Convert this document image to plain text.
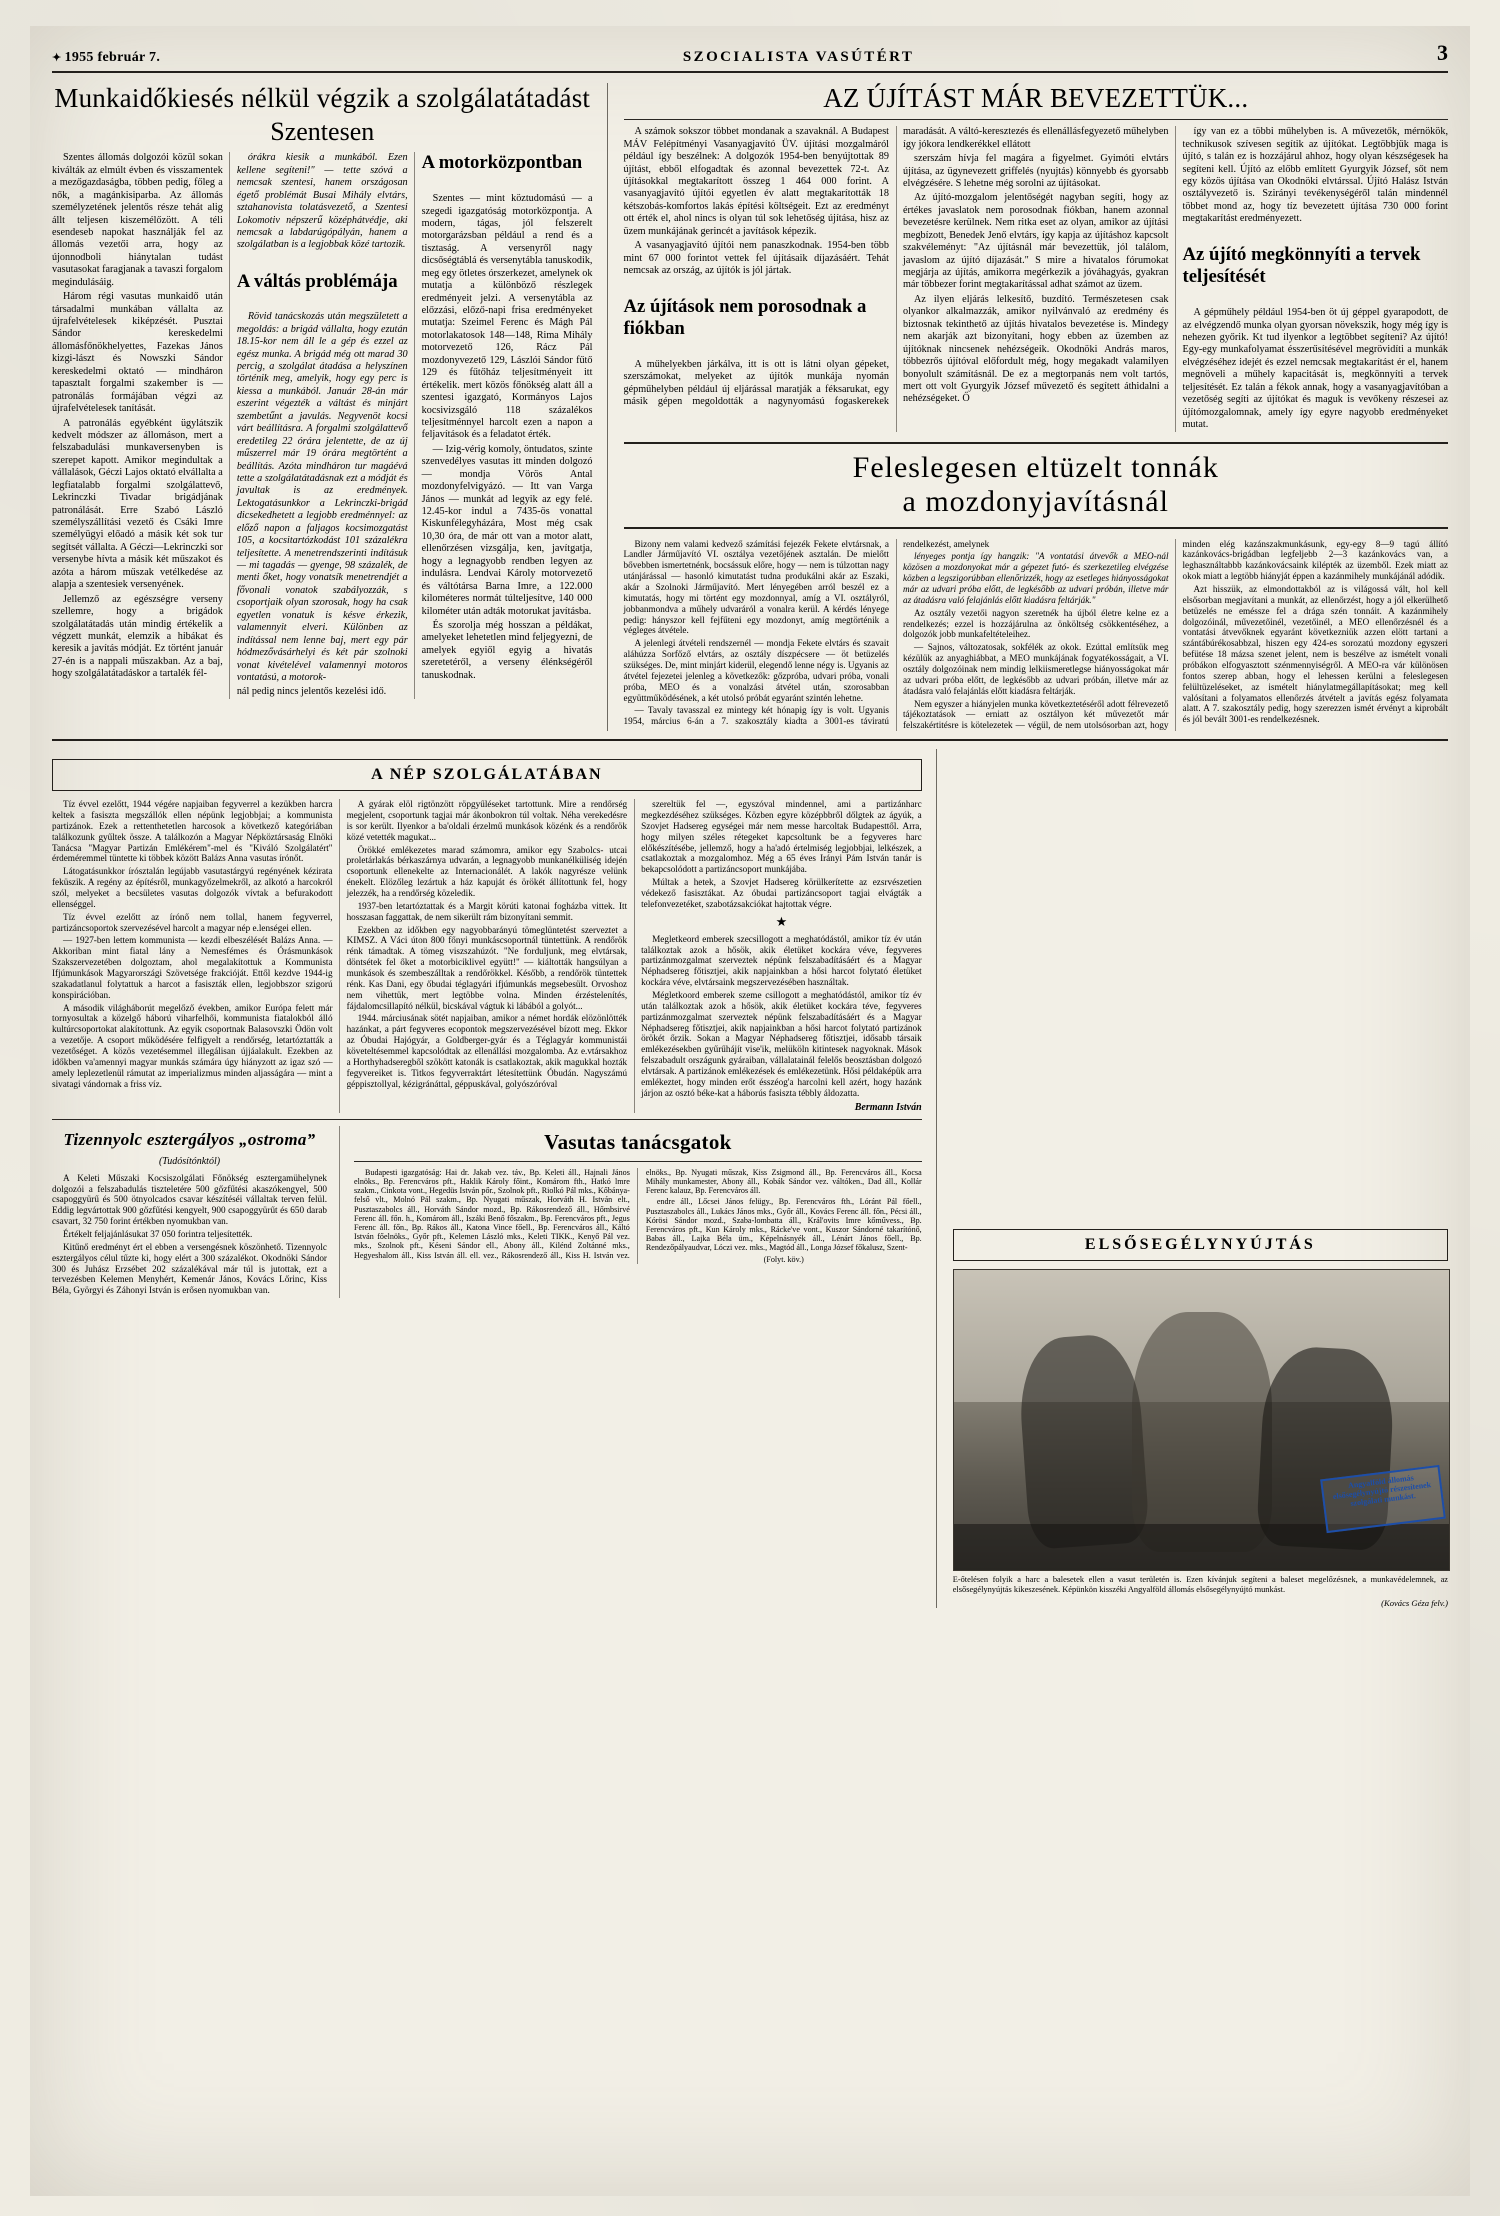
✦ 1955 február 7.	SZOCIALISTA VASÚTÉRT	3
Munkaidőkiesés nélkül végzik a szolgálatátadást
Szentesen

Szentes állomás dolgozói közül sokan kiválták az elmúlt évben és visszamentek a mezőgazdaságba, többen pedig, főleg a nők, a magánkisiparba. Az állomás személyzetének jelentős része tehát alig állt teljesen kiszemélőzött. A téli esendeseb napokat használják fel az állomás vezetői arra, hogy az újonnodboli hiánytalan tudást vasutasokat faragjanak a tavaszi forgalom megindulásáig.

Három régi vasutas munkaidő után társadalmi munkában vállalta az újrafelvételesek kiképzését. Pusztai Sándor kereskedelmi állomásfőnökhelyettes, Fazekas János kizgi-lászt és Nowszki Sándor kereskedelmi oktató — mindháron tapasztalt forgalmi szakember is — patronálás formájában végzi az újrafelvételesek tanítását.

A patronálás egyébként ügylátszik kedvelt módszer az állomáson, mert a felszabadulási munkaversenyben is szerepet kapott. Amikor megindultak a vállalások, Géczi Lajos oktató elvállalta a legfiatalabb forgalmi szolgálattevő, Lekrinczki Tivadar brigádjának patronálását. Erre Szabó László személyszállítási vezető és Csáki Imre személyügyi előadó a másik két sok tur segítsét vállalta. A Géczi—Lekrinczki sor versenybe hívta a másik két műszakot és azóta a három műszak vetélkedése az alapja a szentesiek versenyének.

Jellemző az egészségre verseny szellemre, hogy a brigádok szolgálatátadás után mindig értékelik a végzett munkát, elemzik a hibákat és keresik a javítás módját. Ez történt január 27-én is a nappali műszakban. Az a baj, hogy szolgálatátadáskor a tartalék fél-

órákra kiesik a munkából. Ezen kellene segíteni!" — tette szóvá a nemcsak szentesi, hanem országosan égető problémát Busai Mihály elvtárs, sztahanovista tolatásvezető, a Szentesi Lokomotiv népszerű középhátvédje, aki nemcsak a labdarúgópályán, hanem a szolgálatban is a legjobbak közé tartozik.

A váltás problémája

Rövid tanácskozás után megszületett a megoldás: a brigád vállalta, hogy ezután 18.15-kor nem áll le a gép és ezzel az egész munka. A brigád még ott marad 30 percig, a szolgálat átadása a helyszínen történik meg, amelyik, hogy egy perc is kiessa a munkából. Január 28-án már eszerint végezték a váltást és minjárt szembetűnt a javulás. Negyvenöt kocsi várt beállításra. A forgalmi szolgálattevő eredetileg 22 órára jelentette, de az új műszerrel már 19 órára megtörtént a beállítás. Azóta mindháron tur magáévá tette a szolgálatátadásnak ezt a módját és javultak is az eredmények. Lektogatásunkkor a Lekrinczki-brigád dicsekedhetett a legjobb eredménnyel: az előző napon a faljagos kocsimozgatást 105, a kocsitartózkodást 101 százalékra teljesítette. A menetrendszerinti indításuk — mi tagadás — gyenge, 98 százalék, de menti őket, hogy vonatsík menetrendjét a fővonali vonatok szabályozzák, s csoportjaik olyan szorosak, hogy ha csak egyetlen vonatuk is késve érkezik, valamennyit elveri. Különben az indítással nem lenne baj, mert egy pár hódmezővásárhelyi és két pár szolnoki vonat kivételével valamennyi motoros vontatású, a motorok-

nál pedig nincs jelentős kezelési idő.

A motorközpontban

Szentes — mint köztudomású — a szegedi igazgatóság motorközpontja. A modern, tágas, jól felszerelt motorgarázsban például a rend és a tisztaság. A versenyről nagy dicsőségtáblá és versenytábla tanuskodik, meg egy ötletes órszerkezet, amelynek ok mutatja a különböző részlegek eredményeit jelzi. A versenytábla az előzzási, előző-napi frisa eredményeket mutatja: Szeimel Ferenc és Mágh Pál motorlakatosok 148—148, Rima Mihály motorvezető 126, Rácz Pál mozdonyvezető 129, Lászlói Sándor fűtő 129 és fűtőház teljesítményeit itt értékelik. mert közös főnökség alatt áll a szentesi igazgató, Kormányos Lajos kocsivizsgáló 118 százalékos teljesítménnyel harcolt ezen a napon a feljavítások és a feladatot érték.

— Izig-vérig komoly, öntudatos, szinte szenvedélyes vasutas itt minden dolgozó — mondja Vörös Antal mozdonyfelvigyázó. — Itt van Varga János — munkát ad legyik az egy felé. 12.45-kor indul a 7435-ös vonattal Kiskunfélegyházára, Most még csak 10,30 óra, de már ott van a motor alatt, ellenőrzésen vizsgálja, ken, javítgatja, hogy a legnagyobb rendben legyen az indulásra. Lendvai Károly motorvezető és váltótársa Barna Imre, a 122.000 kilométeres normát túlteljesítve, 140 000 kilométer után adták motorukat javításba.

És szorolja még hosszan a példákat, amelyeket lehetetlen mind feljegyezni, de amelyek egyiől egyig a hivatás szeretetéről, a verseny élénkségéről tanuskodnak.

AZ ÚJÍTÁST MÁR BEVEZETTÜK...

A számok sokszor többet mondanak a szavaknál. A Budapest MÁV Felépítményi Vasanyagjavító ÜV. újítási mozgalmáról például így beszélnek: A dolgozók 1954-ben benyújtottak 89 újítást, ebből elfogadtak és azonnal bevezettek 72-t. Az újításokkal megtakarított összeg 1 464 000 forint. A vasanyagjavító újítói egyetlen év alatt megtakarították 18 kétszobás-komfortos lakás építési költségeit. Ezt az eredményt ott érték el, ahol nincs is olyan túl sok lehetőség újítása, hisz az üzem munkájának gerincét a javítások képezik.

A vasanyagjavító újítói nem panaszkodnak. 1954-ben több mint 67 000 forintot vettek fel újításaik díjazásáért. Tehát nemcsak az ország, az újítók is jól jártak.

Az újítások nem porosodnak a fiókban

A műhelyekben járkálva, itt is ott is látni olyan gépeket, szerszámokat, melyeket az újítók munkája nyomán gépműhelyben például új eljárással maratják a féksarukat, egy másik gépen megoldották a nagynyomású fogaskerekek maradását. A váltó-keresztezés és ellenállásfegyezető műhelyben így jókora lendkerékkel ellátott

szerszám hívja fel magára a figyelmet. Gyimóti elvtárs újítása, az ügynevezett griffelés (nyujtás) könnyebb és gyorsabb elvégzésére. S lehetne még sorolni az újításokat.

Az újító-mozgalom jelentőségét nagyban segíti, hogy az értékes javaslatok nem porosodnak fiókban, hanem azonnal bevezetésre kerülnek. Nem ritka eset az olyan, amikor az újítási megbízott, Benedek Jenő elvtárs, így kapja az újításhoz kapcsolt szakvéleményt: "Az újításnál már bevezettük, jól találom, javaslom az újító díjazását." S mire a hivatalos fórumokat megjárja az újítás, amikorra megérkezik a jóváhagyás, gyakran már többezer forint megtakarítással adhat számot az üzem.

Az ilyen eljárás lelkesítő, buzdító. Természetesen csak olyankor alkalmazzák, amikor nyilvánvaló az eredmény és biztosnak tekinthető az újítás hivatalos bevezetése is. Mindegy nem akarják azt bizonyítani, hogy ebben az üzemben az újítóknak nincsenek nehézségeik. Okodnöki András maros, többezrős újítóval előfordult még, hogy megakadt valamilyen bonyolult számításnál. De ez a megtorpanás nem volt tartós, mert ott volt Gyurgyik József művezető és segített áthidalni a nehézségeket. Ő

így van ez a többi műhelyben is. A művezetők, mérnökök, technikusok szívesen segítik az újítókat. Legtöbbjük maga is újító, s talán ez is hozzájárul ahhoz, hogy olyan készségesek ha segíteni kell. Újító az előbb említett Gyurgyik József, sőt nem egy közös újítása van Okodnöki elvtárssal. Újító Halász István osztályvezető is. Szirányi tevékenységéről talán mindennél többet mond az, hogy tíz bevezetett újítása 730 000 forint megtakarítást eredményezett.

Az újító megkönnyíti a tervek teljesítését

A gépműhely például 1954-ben öt új géppel gyarapodott, de az elvégzendő munka olyan gyorsan növekszik, hogy még így is nehezen győrik. Kt tud ilyenkor a legtöbbet segíteni? Az újító! Egy-egy munkafolyamat ésszerűsítésével megrövidíti a munkák elvégzéséhez idejét és ezzel nemcsak megtakarítást ér el, hanem megnöveli a műhely kapacitását is, megkönnyíti a tervek teljesítését. Ez talán a fékok annak, hogy a vasanyagjavítóban a vezetőség segíti az újítókat és maguk is vevőkeny részesei az újítómozgalomnak, amely így egyre nagyobb eredményeket mutat.

Feleslegesen eltüzelt tonnák
a mozdonyjavításnál

Bizony nem valami kedvező számítási fejezék Fekete elvtársnak, a Landler Járműjavító VI. osztálya vezetőjének asztalán. De mielőtt bővebben ismertetnénk, bocsássuk előre, hogy — nem is túlzottan nagy utánjárással — hasonló kimutatást tudna produkálni akár az Eszaki, akár a Szolnoki Járműjavító. Mert lényegében arról beszél ez a kimutatás, hogy mi történt egy mozdonnyal, amíg a VI. osztályról, jobbanmondva a műhely udvaráról a vonalra kerül. A kérdés lényege pedig: hányszor kell fejfűteni egy mozdonyt, amíg megtörténik a végleges átvétele.

A jelenlegi átvételi rendszernél — mondja Fekete elvtárs és szavait aláhúzza Sorfőző elvtárs, az osztály díszpécsere — öt betüzelés szükséges. De, mint minjárt kiderül, elegendő lenne négy is. Ugyanis az átvétel fejezetei jelenleg a következők: gőzpróba, udvari próba, vonali próba, MEO és a vonalzási átvétel után, szorosabban együttműködésének, a két utolsó próbát egyaránt szintén lehetne.

— Tavaly tavasszal ez mintegy két hónapig így is volt. Ugyanis 1954, március 6-án a 7. szakosztály kiadta a 3001-es táviratú rendelkezést, amelynek

lényeges pontja így hangzik: "A vontatási átvevők a MEO-nál közösen a mozdonyokat már a gépezet futó- és szerkezetileg elvégzése közben a legszigorúbban ellenőrizzék, hogy az esetleges hiányosságokat már az udvari próba előtt, de legkésőbb az udvari próbán, illetve már az átadásra való felajánlás előtt kiadásra feltárják."

Az osztály vezetői nagyon szeretnék ha újból életre kelne ez a rendelkezés; ezzel is hozzájárulna az önköltség csökkentéséhez, a dolgozók jobb munkafeltételeihez.

— Sajnos, változatosak, sokfélék az okok. Ezúttal említsük meg kézülük az anyaghiábbat, a MEO munkájának fogyatékosságait, a VI. osztály dolgozóinak nem mindig lelkiismeretlegse hiányosságokat már az udvari próba előtt, de legkésőbb az udvari próbán, illetve már az átadásra való felajánlás előtt kiadásra feltárják.

Nem egyszer a hiányjelen munka következtetéséről adott félrevezető tájékoztatások — erniatt az osztályon két művezetőt már felszakértitésre is kötelezetek — végül, de nem utolsósorban azt, hogy minden elég kazánszakmunkásunk, egy-egy 8—9 tagú állító kazánkovács-brigádban legfeljebb 2—3 kazánkovács van, a leghasználtabbb kazánkovácsaink kilépték az üzemből. Ezek miatt az okok miatt a legtöbb hiányját éppen a kazánmihely munkájánál adódik.

Azt hisszük, az elmondottakból az is világossá vált, hol kell elsősorban megjavítani a munkát, az ellenőrzést, hogy a jól elkerülhető betüzelés ne eméssze fel a drága szén tonnáit. A kazánmihely dolgozóinál, művezetőinél, vezetőinél, a MEO ellenőrzésnél és a vontatási átvevőknek egyaránt következniük azzen elött tartani a szántábúrékosabbzal, hiszen egy 424-es sorozatú mozdony egyszeri befütése 18 mázsa szenet jelent, nem is beszélve az ismételt vonali próbákon elfogyasztott szénmennyiségről. A MEO-ra vár különösen fontos szerep abban, hogy el lehessen kerülni a feleslegesen felültüzeléseket, az ismételt hiánylatmegállapításokat; meg kell valósítani a folyamatos ellenőrzés átvételt a javítás egész folyamata alatt. A 7. szakosztály pedig, hogy szerezzen ismét érvényt a kiprobált és jól bevált 3001-es rendelkezésnek.

A NÉP SZOLGÁLATÁBAN

Tíz évvel ezelőtt, 1944 végére napjaiban fegyverrel a kezükben harcra keltek a fasiszta megszállók ellen népünk legjobbjai; a kommunista partizánok. Ezek a rettenthetetlen harcosok a következő kategóriában találkozunk gyűltek össze. A találkozón a Magyar Népköztársaság Elnöki Tanácsa "Magyar Partizán Emlékérem"-mel és "Kiváló Szolgálatért" érdeméremmel tüntette ki többek között Balázs Anna vasutas írónőt.

Látogatásunkkor írósztalán legújabb vasutastárgyú regényének kézirata feküszik. A regény az építésről, munkagyőzelmekről, az alkotó a harcokról szól, melyeket a becsületes vasutas dolgozók vívtak a befurakodott ellenséggel.

Tíz évvel ezelőtt az írónő nem tollal, hanem fegyverrel, partizáncsoportok szervezésével harcolt a magyar nép e.lenségei ellen.

— 1927-ben lettem kommunista — kezdi elbeszélését Balázs Anna. — Akkoriban mint fiatal lány a Nemesfémes és Órásmunkások Szakszervezetében dolgoztam, ahol megalakítottuk a Kommunista Ifjúmunkások Magyarországi Szövetsége frakcióját. Ettől kezdve 1944-ig szakadatlanul folytattuk a harcot a fasiszták ellen, legjobbszor szigorú konspirációban.

A második világháborút megelőző években, amikor Európa felett már tornyosultak a közelgő háború viharfelhői, kommunista fiatalokból álló kultúrcsoportokat alakítottunk. Az egyik csoportnak Balasovszki Ödön volt a vezetője. A csoport működésére felfigyelt a rendőrség, letartóztatták a vezetőséget. A közös vezetésemmel illegálisan újjáalakult. Ezekben az időkben va'amennyi magyar munkás számára úgy hiányzott az igaz szó — amely leplezetlenül rámutat az imperializmus minden aljasságára — mint a sivatagi vándornak a friss víz.

A gyárak elöl rigtönzött röpgyűléseket tartottunk. Mire a rendőrség megjelent, csoportunk tagjai már ákonbokron túl voltak. Néha verekedésre is sor került. Ilyenkor a ba'oldali érzelmű munkások közénk és a rendőrök közé vetették magukat...

Örökké emlékezetes marad számomra, amikor egy Szabolcs- utcai proletárlakás bérkaszárnya udvarán, a legnagyobb munkanélküliség idején csoportunk ellenekelte az Internacionálét. A lakók nagyrésze velünk énekelt. Elözőleg lezártuk a ház kapuját és örökét állítottunk fel, hogy jelezzék, ha a rendőrség közeledik.

1937-ben letartóztattak és a Margit körúti katonai fogházba vittek. Itt hosszasan faggattak, de nem sikerült rám bizonyítani semmit.

Ezekben az időkben egy nagyobbarányú tömeglüntetést szerveztet a KIMSZ. A Váci úton 800 főnyi munkáscsoportnál tüntettünk. A rendőrök rénk támadtak. A tömeg viszszahúzót. "Ne forduljunk, meg elvtársak, döntsétek fel őket a motorbiciklivel együtt!" — kiáltották hangsúlyan a munkások és szembeszálltak a rendőrökkel. Később, a rendőrök tüntettek rénk. Kas Dani, egy őbudai téglagyári ifjúmunkás megsebesült. Orvoshoz nem vihettük, mert legtöbbe volna. Minden érzéstelenítés, fájdalomcsillapító nélkül, bicskával vágtuk ki lábából a golyót...

1944. márciusának sötét napjaiban, amikor a német hordák elözönlötték hazánkat, a párt fegyveres ecopontok megszervezésével bízott meg. Ekkor az Óbudai Hajógyár, a Goldberger-gyár és a Téglagyár kommunistái követeltésemmel kapcsolódtak az ellenállási mozgalomba. Az e.vtársakhoz a Horthyhadseregből szökött katonák is csatlakoztak, akik magukkal hozták fegyvereiket is. Titkos fegyverraktárt létesítettünk Óbudán. Nagyszámú géppisztollyal, kézigránáttal, géppuskával, golyószóróval

szereltük fel —, egyszóval mindennel, ami a partizánharc megkezdéséhez szükséges. Közben egyre középbbről dőlgtek az ágyúk, a Szovjet Hadsereg egységei már nem messe harcoltak Budapesttől. Arra, hogy milyen széles rétegeket kapcsoltunk be a fegyveres harc előkészítésébe, jellemző, hogy a ha'adó értelmiség legjobbjai, lelkészek, a csatlakoztak a mozgalomhoz. Még a 65 éves Irányi Pám István tanár is bekapcsolódott a partizáncsoport munkájába.

Múltak a hetek, a Szovjet Hadsereg körülkerítette az ezsrvészetien védekező fasisztákat. Az óbudai partizáncsoport tagjai elvágták a telefonvezetéket, szabotázsakciókat hajtottak végre.

★

Megletkeord emberek szecsillogott a meghatódástól, amikor tíz év után találkoztak azok a hősök, akik életüket kockára véve, fegyveres partizánmozgalmat szerveztek népünk felszabadításáért és a Magyar Néphadsereg főtisztjei, akik napjainkban a hősi harcot folytató életüket kockára véve, elvtársaink megszervezésében használtak.

Mégletkoord emberek szeme csillogott a meghatódástól, amikor tíz év után találkoztak azok a hősök, akik életüket kockára téve, fegyveres partizánmozgalmat szerveztek népünk felszabadításáért és a Magyar Néphadsereg főtisztjei, akik napjainkban a hősi harcot folytató partizánok örökét őrzik. Sokan a Magyar Néphadsereg főtisztjei, idősabb társaik emlékezésekben gyűrűhájít vise'ik, melüköln kitintesek nagyoknak. Mások felszabadult országunk gyáraiban, vállalatainál felelős beosztásban dolgozó elvtársak. A partizánok emlékezések és emlékezetünk. Hősi példaképük arra emlékeztet, hogy minden erőt ésszéog'a harcolni kell azért, hogy hazánk járjon az osztó béke-kat a háborús fasiszta tébbly áldozatta.

Bermann István
Tizennyolc esztergályos „ostroma”
(Tudósítónktól)

A Keleti Műszaki Kocsiszolgálati Főnökség esztergamühelynek dolgozói a felszabadulás tiszteletére 500 gőzfűtési akaszókengyel, 500 csapoggyürű és 500 ötnyolcados csavar készítéséi vállaltak terven felül. Eddig legvártottak 900 gőzfűtési kengyelt, 900 csapoggyürűt és 650 darab csavart, 32 750 forint értékben nyomukban van.

Értékelt feljajánlásukat 37 050 forintra teljesítették.

Kitűnő eredményt ért el ebben a versengésnek köszönhető. Tizennyolc esztergályos célul tűzte ki, hogy elért a 300 százalékot. Okodnöki Sándor 300 és Juhász Erzsébet 202 százalékával már túl is jutottak, ezt a tervezésben Kelemen Menyhért, Kemenár János, Kovács Lőrinc, Kiss Béla, Györgyi és Záhonyi István is erősen nyomukban van.

Vasutas tanácsgatok

Budapesti igazgatóság: Hai dr. Jakab vez. táv., Bp. Keleti áll., Hajnali János elnöks., Bp. Ferencváros pft., Haklik Károly főint., Komárom fth., Hatkó lmre szakm., Cinkota vont., Hegedüs István pőr., Szolnok pft., Riolkó Pál mks., Kőbánya-felső vlt., Molnó Pál szakm., Bp. Nyugati műszak, Horváth H. István elt., Pusztaszabolcs áll., Horváth Sándor mozd., Bp. Rákosrendező áll., Hőmbsirvé Ferenc áll. főn. h., Komárom áll., Iszáki Benő főszakm., Bp. Ferencváros pft., Jegus Ferenc áll. főn., Bp. Rákos áll., Katona Vince főell., Bp. Ferencváros áll., Káltó István főelnöks., Győr pft., Kelemen László mks., Keleti TIKK., Kenyő Pál vez. mks., Szolnok pft., Késeni Sándor ell., Abony áll., Kilénd Zoltánné mks., Hegyeshalom áll., Kiss István áll. ell. vez., Rákosrendező áll., Kiss H. István vez. elnöks., Bp. Nyugati műszak, Kiss Zsigmond áll., Bp. Ferencváros áll., Kocsa Mihály munkamester, Abony áll., Kobák Sándor vez. váltóken., Dad áll., Kollár Ferenc kalauz, Bp. Ferencváros áll.

endre áll., Lőcsei János felügy., Bp. Ferencváros fth., Lóránt Pál főell., Pusztaszabolcs áll., Lukács János mks., Győr áll., Kovács Ferenc áll. főn., Pécsi áll., Kórösi Sándor mozd., Szaba-lombatta áll., Král'ovits Imre kőművess., Bp. Ferencváros pft., Kun Károly mks., Rácke've vont., Kuszor Sándorné takarítónő, Babas áll., Lajka Béla üm., Képelnásnyék áll., Lénárt János főell., Bp. Rendezőpályaudvar, Lóczi vez. mks., Magtód áll., Longa József főkalusz, Szent-

(Folyt. köv.)

ELSŐSEGÉLYNYÚJTÁS
Angyalföld állomás elsősegélynyújtó részesítenek szolgálati munkást.
E-őtelésen folyik a harc a balesetek ellen a vasut területén is. Ezen kívánjuk segíteni a baleset megelőzésnek, a munkavédelemnek, az elsősegélynyújtás kikeszesének. Képünkön kisszéki Angyalföld állomás elsősegélynyújtó munkást.
(Kovács Géza felv.)
